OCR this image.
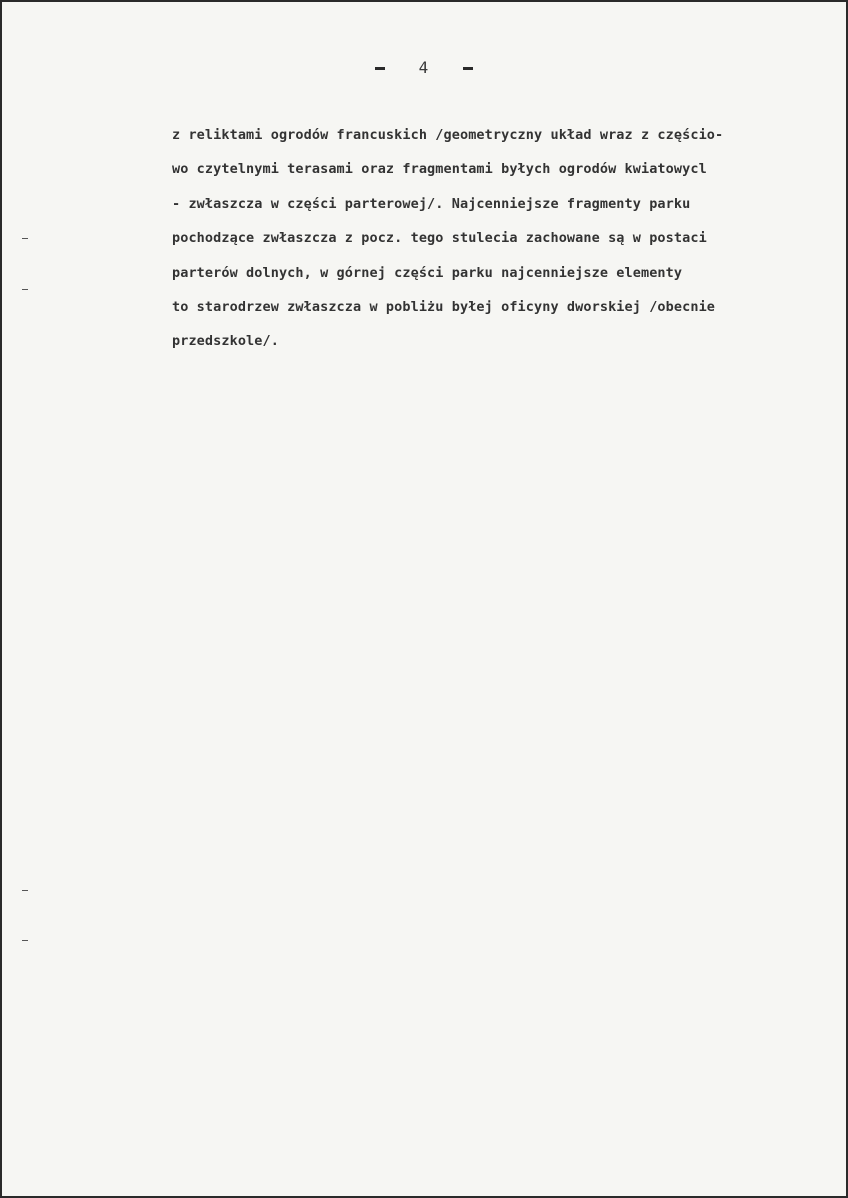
4
z reliktami ogrodów francuskich /geometryczny układ wraz z częścio-
wo czytelnymi terasami oraz fragmentami byłych ogrodów kwiatowycl
- zwłaszcza w części parterowej/. Najcenniejsze fragmenty parku
pochodzące zwłaszcza z pocz. tego stulecia zachowane są w postaci
parterów dolnych, w górnej części parku najcenniejsze elementy
to starodrzew zwłaszcza w pobliżu byłej oficyny dworskiej /obecnie
przedszkole/.
